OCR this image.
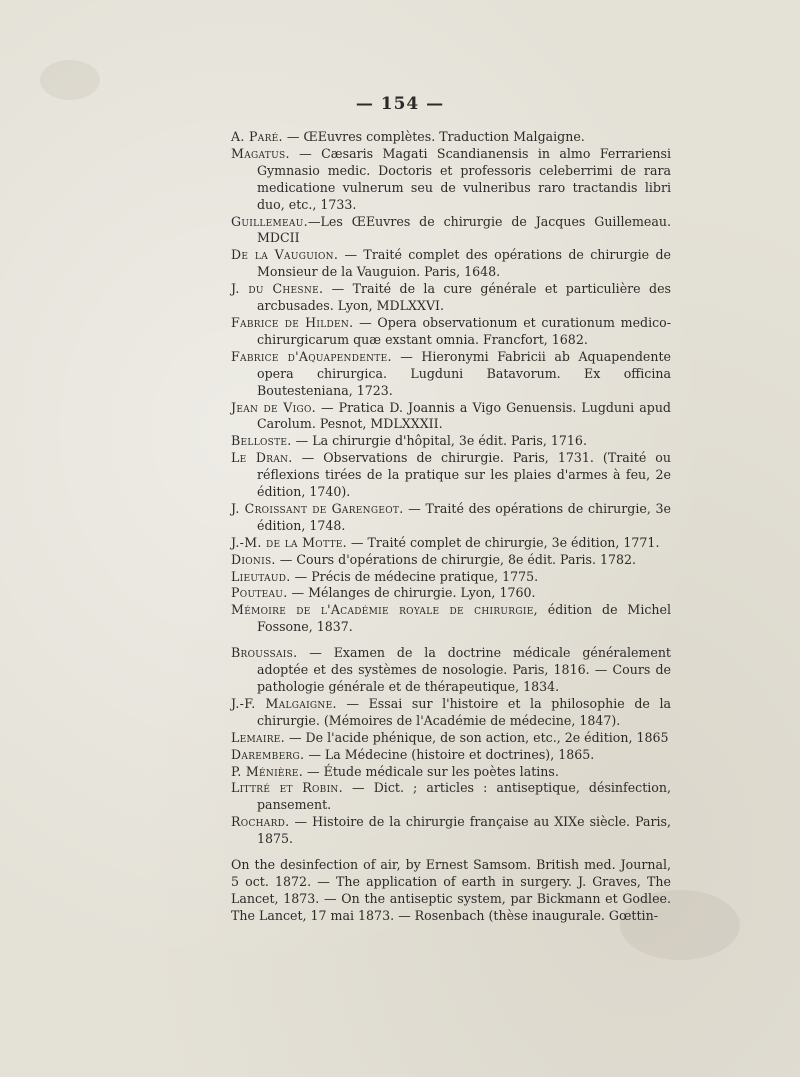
— 154 —

A. Paré. — ŒEuvres complètes. Traduction Malgaigne.

Magatus. — Cæsaris Magati Scandianensis in almo Ferrariensi Gymnasio medic. Doctoris et professoris celeberrimi de rara medicatione vulnerum seu de vulneribus raro tractandis libri duo, etc., 1733.

Guillemeau.—Les ŒEuvres de chirurgie de Jacques Guillemeau. MDCII

De la Vauguion. — Traité complet des opérations de chirurgie de Monsieur de la Vauguion. Paris, 1648.

J. du Chesne. — Traité de la cure générale et particulière des arcbusades. Lyon, MDLXXVI.

Fabrice de Hilden. — Opera observationum et curationum medico-chirurgicarum quæ exstant omnia. Francfort, 1682.

Fabrice d'Aquapendente. — Hieronymi Fabricii ab Aquapendente opera chirurgica. Lugduni Batavorum. Ex officina Boutesteniana, 1723.

Jean de Vigo. — Pratica D. Joannis a Vigo Genuensis. Lugduni apud Carolum. Pesnot, MDLXXXII.

Belloste. — La chirurgie d'hôpital, 3e édit. Paris, 1716.

Le Dran. — Observations de chirurgie. Paris, 1731. (Traité ou réflexions tirées de la pratique sur les plaies d'armes à feu, 2e édition, 1740).

J. Croissant de Garengeot. — Traité des opérations de chirurgie, 3e édition, 1748.

J.-M. de la Motte. — Traité complet de chirurgie, 3e édition, 1771.

Dionis. — Cours d'opérations de chirurgie, 8e édit. Paris. 1782.

Lieutaud. — Précis de médecine pratique, 1775.

Pouteau. — Mélanges de chirurgie. Lyon, 1760.

Mémoire de l'Académie royale de chirurgie, édition de Michel Fossone, 1837.

Broussais. — Examen de la doctrine médicale généralement adoptée et des systèmes de nosologie. Paris, 1816. — Cours de pathologie générale et de thérapeutique, 1834.

J.-F. Malgaigne. — Essai sur l'histoire et la philosophie de la chirurgie. (Mémoires de l'Académie de médecine, 1847).

Lemaire. — De l'acide phénique, de son action, etc., 2e édition, 1865

Daremberg. — La Médecine (histoire et doctrines), 1865.

P. Ménière. — Étude médicale sur les poètes latins.

Littré et Robin. — Dict. ; articles : antiseptique, désinfection, pansement.

Rochard. — Histoire de la chirurgie française au XIXe siècle. Paris, 1875.

On the desinfection of air, by Ernest Samsom. British med. Journal, 5 oct. 1872. — The application of earth in surgery. J. Graves, The Lancet, 1873. — On the antiseptic system, par Bickmann et Godlee. The Lancet, 17 mai 1873. — Rosenbach (thèse inaugurale. Gœttin-
